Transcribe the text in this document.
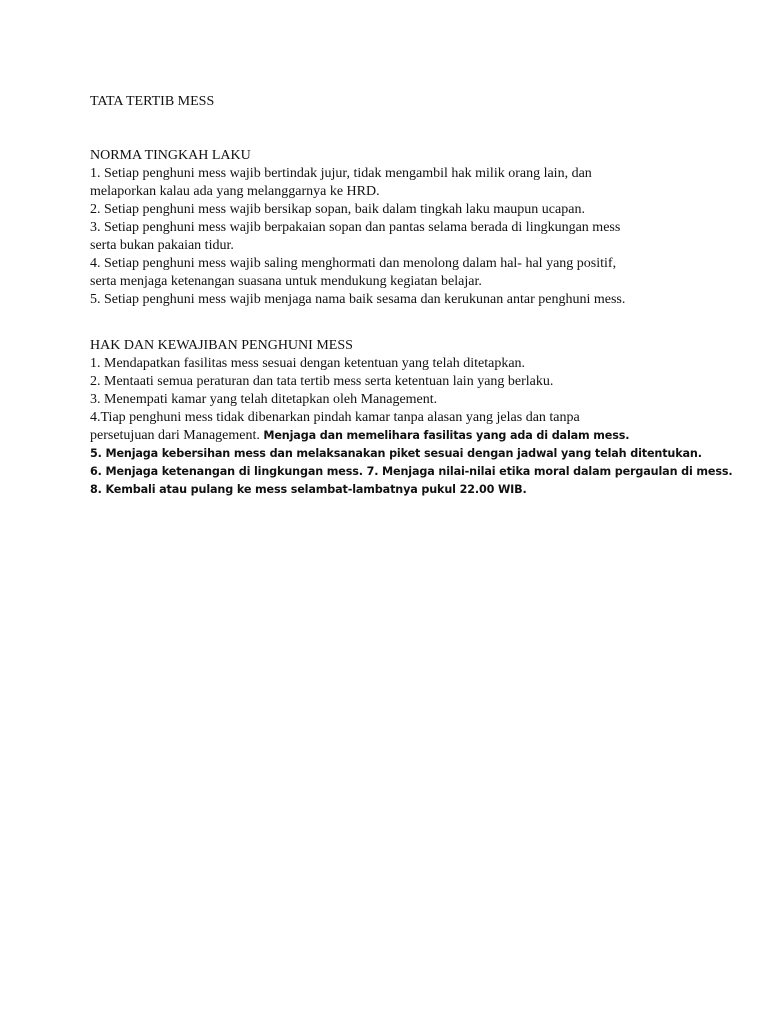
TATA TERTIB MESS
NORMA TINGKAH LAKU

1. Setiap penghuni mess wajib bertindak jujur, tidak mengambil hak milik orang lain, dan
melaporkan kalau ada yang melanggarnya ke HRD.

2. Setiap penghuni mess wajib bersikap sopan, baik dalam tingkah laku maupun ucapan.

3. Setiap penghuni mess wajib berpakaian sopan dan pantas selama berada di lingkungan mess
serta bukan pakaian tidur.

4. Setiap penghuni mess wajib saling menghormati dan menolong dalam hal- hal yang positif,
serta menjaga ketenangan suasana untuk mendukung kegiatan belajar.

5. Setiap penghuni mess wajib menjaga nama baik sesama dan kerukunan antar penghuni mess.

HAK DAN KEWAJIBAN PENGHUNI MESS

1. Mendapatkan fasilitas mess sesuai dengan ketentuan yang telah ditetapkan.

2. Mentaati semua peraturan dan tata tertib mess serta ketentuan lain yang berlaku.

3. Menempati kamar yang telah ditetapkan oleh Management.

4.Tiap penghuni mess tidak dibenarkan pindah kamar tanpa alasan yang jelas dan tanpa
persetujuan dari Management. Menjaga dan memelihara fasilitas yang ada di dalam mess.

5. Menjaga kebersihan mess dan melaksanakan piket sesuai dengan jadwal yang telah ditentukan.

6. Menjaga ketenangan di lingkungan mess. 7. Menjaga nilai-nilai etika moral dalam pergaulan di mess.

8. Kembali atau pulang ke mess selambat-lambatnya pukul 22.00 WIB.
